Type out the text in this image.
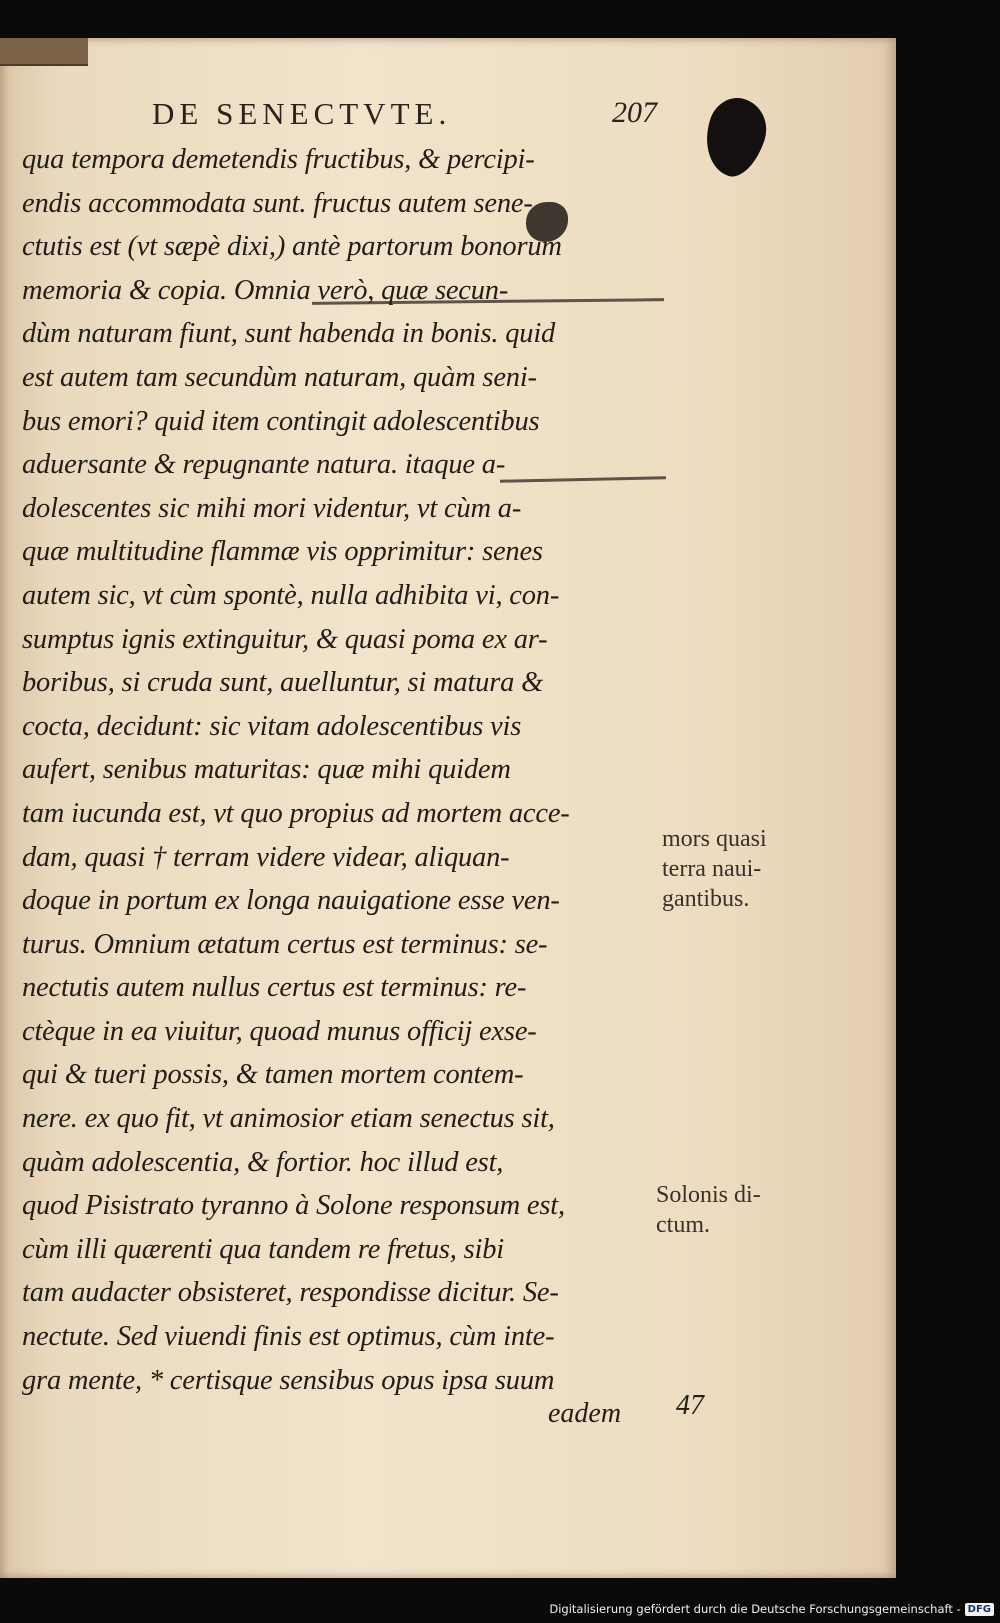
DE SENECTVTE.	207
qua tempora demetendis fructibus, & percipi-
endis accommodata sunt. fructus autem sene-
ctutis est (vt sæpè dixi,) antè partorum bonorum
memoria & copia. Omnia verò, quæ secun-
dùm naturam fiunt, sunt habenda in bonis. quid
est autem tam secundùm naturam, quàm seni-
bus emori? quid item contingit adolescentibus
aduersante & repugnante natura. itaque a-
dolescentes sic mihi mori videntur, vt cùm a-
quæ multitudine flammæ vis opprimitur: senes
autem sic, vt cùm spontè, nulla adhibita vi, con-
sumptus ignis extinguitur, & quasi poma ex ar-
boribus, si cruda sunt, auelluntur, si matura &
cocta, decidunt: sic vitam adolescentibus vis
aufert, senibus maturitas: quæ mihi quidem
tam iucunda est, vt quo propius ad mortem acce-
dam, quasi † terram videre videar, aliquan-
doque in portum ex longa nauigatione esse ven-
turus. Omnium ætatum certus est terminus: se-
nectutis autem nullus certus est terminus: re-
ctèque in ea viuitur, quoad munus officij exse-
qui & tueri possis, & tamen mortem contem-
nere. ex quo fit, vt animosior etiam senectus sit,
quàm adolescentia, & fortior. hoc illud est,
quod Pisistrato tyranno à Solone responsum est,
cùm illi quærenti qua tandem re fretus, sibi
tam audacter obsisteret, respondisse dicitur. Se-
nectute. Sed viuendi finis est optimus, cùm inte-
gra mente, * certisque sensibus opus ipsa suum
mors quasi
terra naui-
gantibus.
Solonis di-
ctum.
eadem 47
Digitalisierung gefördert durch die Deutsche Forschungsgemeinschaft - DFG
